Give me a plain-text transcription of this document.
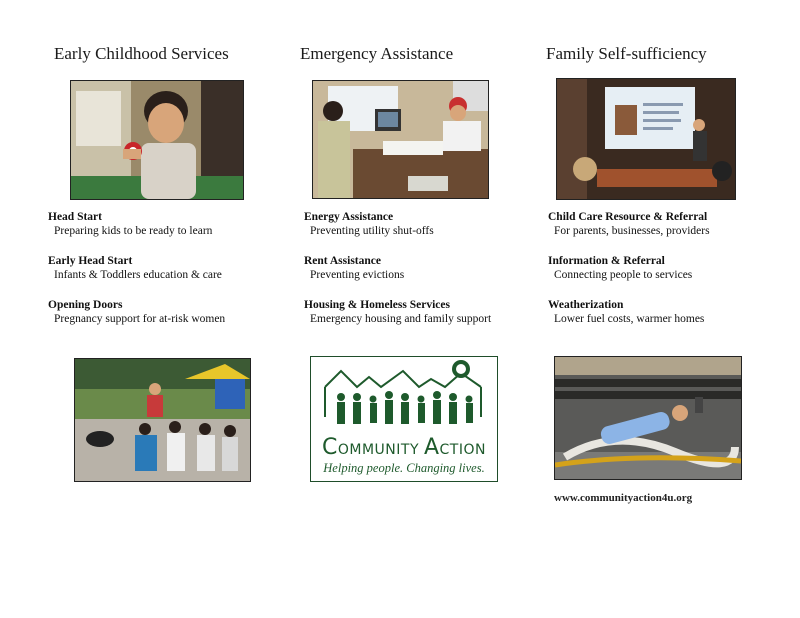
Early Childhood Services
Head Start
Preparing kids to be ready to learn
Early Head Start
Infants & Toddlers education & care
Opening Doors
Pregnancy support for at-risk women
Emergency Assistance
Energy Assistance
Preventing utility shut-offs
Rent Assistance
Preventing evictions
Housing & Homeless Services
Emergency housing and family support
COMMUNITY ACTION
Helping people. Changing lives.
Family Self-sufficiency
Child Care Resource & Referral
For parents, businesses, providers
Information & Referral
Connecting people to services
Weatherization
Lower fuel costs, warmer homes
www.communityaction4u.org
